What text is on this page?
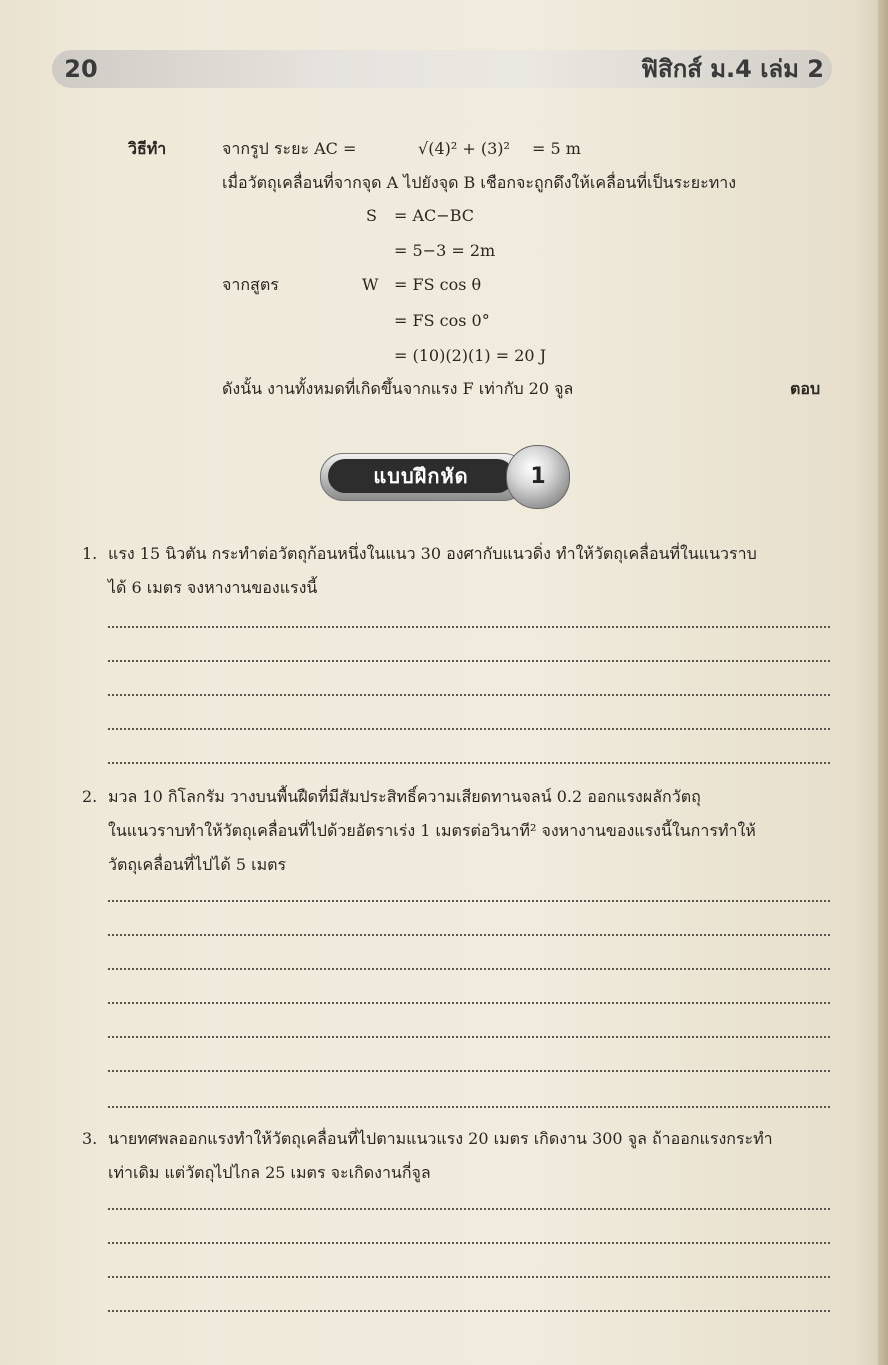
20	ฟิสิกส์ ม.4 เล่ม 2
วิธีทำ	จากรูป ระยะ AC =	√(4)² + (3)² = 5 m
เมื่อวัตถุเคลื่อนที่จากจุด A ไปยังจุด B เชือกจะถูกดึงให้เคลื่อนที่เป็นระยะทาง
S = AC−BC
= 5−3 = 2m
จากสูตร	W = FS cos θ
= FS cos 0°
= (10)(2)(1) = 20 J
ดังนั้น งานทั้งหมดที่เกิดขึ้นจากแรง F เท่ากับ 20 จูล	ตอบ
แบบฝึกหัด	1
1. แรง 15 นิวตัน กระทำต่อวัตถุก้อนหนึ่งในแนว 30 องศากับแนวดิ่ง ทำให้วัตถุเคลื่อนที่ในแนวราบ
ได้ 6 เมตร จงหางานของแรงนี้
2. มวล 10 กิโลกรัม วางบนพื้นฝืดที่มีสัมประสิทธิ์ความเสียดทานจลน์ 0.2 ออกแรงผลักวัตถุ
ในแนวราบทำให้วัตถุเคลื่อนที่ไปด้วยอัตราเร่ง 1 เมตรต่อวินาที² จงหางานของแรงนี้ในการทำให้
วัตถุเคลื่อนที่ไปได้ 5 เมตร
3. นายทศพลออกแรงทำให้วัตถุเคลื่อนที่ไปตามแนวแรง 20 เมตร เกิดงาน 300 จูล ถ้าออกแรงกระทำ
เท่าเดิม แต่วัตถุไปไกล 25 เมตร จะเกิดงานกี่จูล
